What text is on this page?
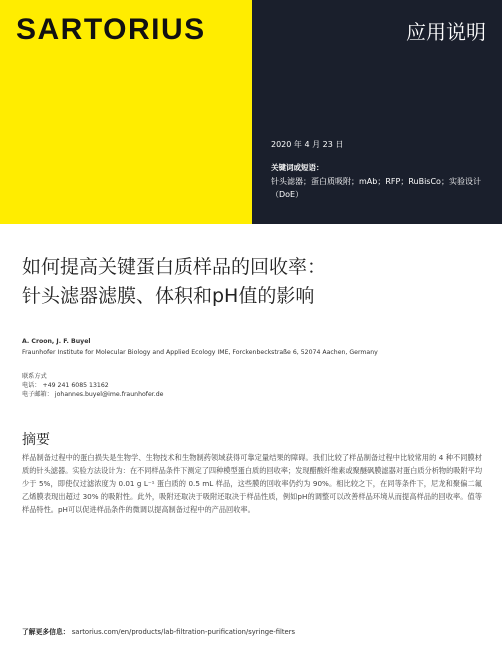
SARTORIUS	应用说明
2020 年 4 月 23 日
关键词或短语：
针头滤器；蛋白质吸附；mAb；RFP；RuBisCo；实验设计（DoE）
如何提高关键蛋白质样品的回收率：
针头滤器滤膜、体积和pH值的影响
A. Croon, J. F. Buyel
Fraunhofer Institute for Molecular Biology and Applied Ecology IME, Forckenbeckstraße 6, 52074 Aachen, Germany
联系方式
电话： +49 241 6085 13162
电子邮箱： johannes.buyel@ime.fraunhofer.de
摘要
样品制备过程中的蛋白损失是生物学、生物技术和生物制药领域获得可靠定量结果的障碍。我们比较了样品制备过程中比较常用的 4 种不同膜材质的针头滤器。实验方法设计为：在不同样品条件下测定了四种模型蛋白质的回收率；发现醋酸纤维素或聚醚砜膜滤器对蛋白质分析物的吸附平均少于 5%，即使仅过滤浓度为 0.01 g L⁻¹ 蛋白质的 0.5 mL 样品，这些膜的回收率仍约为 90%。相比较之下，在同等条件下，尼龙和聚偏二氟乙烯膜表现出超过 30% 的吸附性。此外，吸附还取决于吸附还取决于样品性质，例如pH的调整可以改善样品环境从而提高样品的回收率。值等样品特性。pH可以促进样品条件的微调以提高制备过程中的产品回收率。
了解更多信息： sartorius.com/en/products/lab-filtration-purification/syringe-filters
